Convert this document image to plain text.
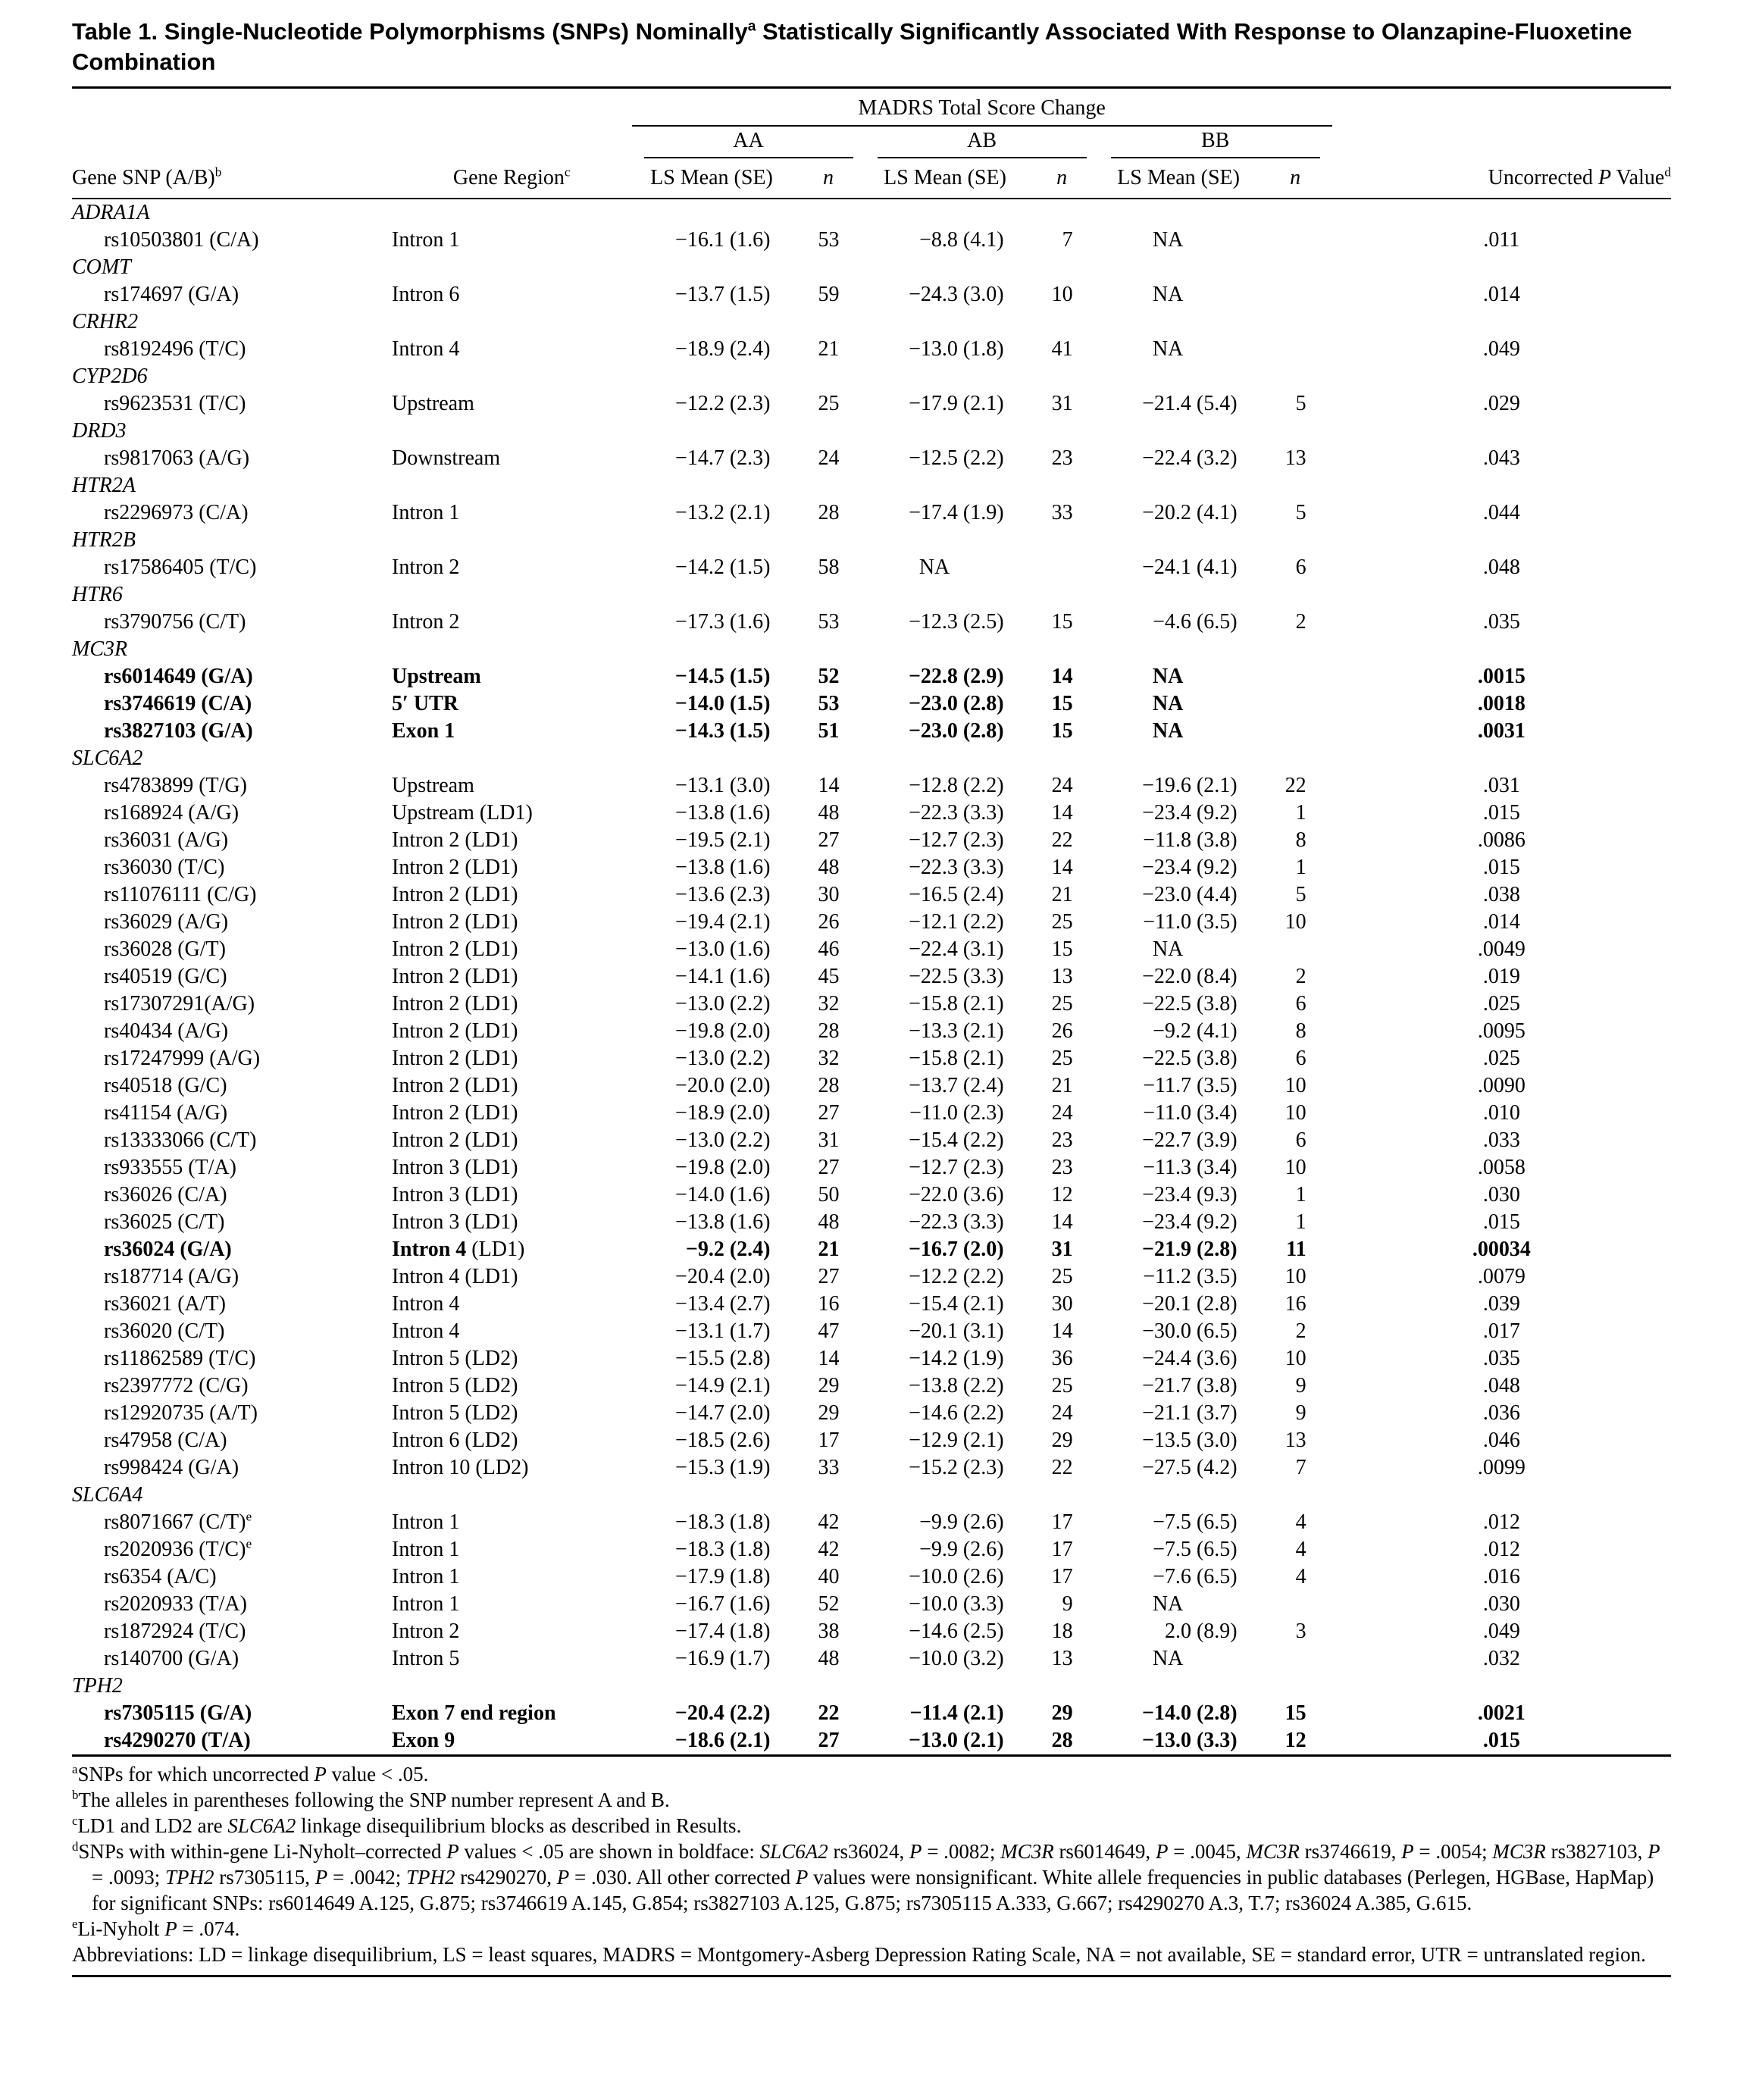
Table 1. Single-Nucleotide Polymorphisms (SNPs) Nominally$^a$ Statistically Significantly Associated With Response to Olanzapine-Fluoxetine Combination

		MADRS Total Score Change						

		AA		AB		BB		

Gene SNP $(A/B)^b$	Gene Region$^c$	LS Mean (SE)	n	LS Mean (SE)	n	LS Mean (SE)	n	Uncorrected P Value$^d$
ADRA1A								
rs10503801 (C/A)	Intron 1	−16.1 (1.6)	53	−8.8 (4.1)	7	NA		.011
COMT								
rs174697 (G/A)	Intron 6	−13.7 (1.5)	59	−24.3 (3.0)	10	NA		.014
CRHR2								
rs8192496 (T/C)	Intron 4	−18.9 (2.4)	21	−13.0 (1.8)	41	NA		.049
CYP2D6								
rs9623531 (T/C)	Upstream	−12.2 (2.3)	25	−17.9 (2.1)	31	−21.4 (5.4)	5	.029
DRD3								
rs9817063 (A/G)	Downstream	−14.7 (2.3)	24	−12.5 (2.2)	23	−22.4 (3.2)	13	.043
HTR2A								
rs2296973 (C/A)	Intron 1	−13.2 (2.1)	28	−17.4 (1.9)	33	−20.2 (4.1)	5	.044
HTR2B								
rs17586405 (T/C)	Intron 2	−14.2 (1.5)	58	NA		−24.1 (4.1)	6	.048
HTR6								
rs3790756 (C/T)	Intron 2	−17.3 (1.6)	53	−12.3 (2.5)	15	−4.6 (6.5)	2	.035
MC3R								
rs6014649 (G/A)	Upstream	−14.5 (1.5)	52	−22.8 (2.9)	14	NA		.0015
rs3746619 (C/A)	5′ UTR	−14.0 (1.5)	53	−23.0 (2.8)	15	NA		.0018
rs3827103 (G/A)	Exon 1	−14.3 (1.5)	51	−23.0 (2.8)	15	NA		.0031
SLC6A2								
rs4783899 (T/G)	Upstream	−13.1 (3.0)	14	−12.8 (2.2)	24	−19.6 (2.1)	22	.031
rs168924 (A/G)	Upstream (LD1)	−13.8 (1.6)	48	−22.3 (3.3)	14	−23.4 (9.2)	1	.015
rs36031 (A/G)	Intron 2 (LD1)	−19.5 (2.1)	27	−12.7 (2.3)	22	−11.8 (3.8)	8	.0086
rs36030 (T/C)	Intron 2 (LD1)	−13.8 (1.6)	48	−22.3 (3.3)	14	−23.4 (9.2)	1	.015
rs11076111 (C/G)	Intron 2 (LD1)	−13.6 (2.3)	30	−16.5 (2.4)	21	−23.0 (4.4)	5	.038
rs36029 (A/G)	Intron 2 (LD1)	−19.4 (2.1)	26	−12.1 (2.2)	25	−11.0 (3.5)	10	.014
rs36028 (G/T)	Intron 2 (LD1)	−13.0 (1.6)	46	−22.4 (3.1)	15	NA		.0049
rs40519 (G/C)	Intron 2 (LD1)	−14.1 (1.6)	45	−22.5 (3.3)	13	−22.0 (8.4)	2	.019
rs17307291(A/G)	Intron 2 (LD1)	−13.0 (2.2)	32	−15.8 (2.1)	25	−22.5 (3.8)	6	.025
rs40434 (A/G)	Intron 2 (LD1)	−19.8 (2.0)	28	−13.3 (2.1)	26	−9.2 (4.1)	8	.0095
rs17247999 (A/G)	Intron 2 (LD1)	−13.0 (2.2)	32	−15.8 (2.1)	25	−22.5 (3.8)	6	.025
rs40518 (G/C)	Intron 2 (LD1)	−20.0 (2.0)	28	−13.7 (2.4)	21	−11.7 (3.5)	10	.0090
rs41154 (A/G)	Intron 2 (LD1)	−18.9 (2.0)	27	−11.0 (2.3)	24	−11.0 (3.4)	10	.010
rs13333066 (C/T)	Intron 2 (LD1)	−13.0 (2.2)	31	−15.4 (2.2)	23	−22.7 (3.9)	6	.033
rs933555 (T/A)	Intron 3 (LD1)	−19.8 (2.0)	27	−12.7 (2.3)	23	−11.3 (3.4)	10	.0058
rs36026 (C/A)	Intron 3 (LD1)	−14.0 (1.6)	50	−22.0 (3.6)	12	−23.4 (9.3)	1	.030
rs36025 (C/T)	Intron 3 (LD1)	−13.8 (1.6)	48	−22.3 (3.3)	14	−23.4 (9.2)	1	.015
rs36024 (G/A)	Intron 4 (LD1)	−9.2 (2.4)	21	−16.7 (2.0)	31	−21.9 (2.8)	11	.00034
rs187714 (A/G)	Intron 4 (LD1)	−20.4 (2.0)	27	−12.2 (2.2)	25	−11.2 (3.5)	10	.0079
rs36021 (A/T)	Intron 4	−13.4 (2.7)	16	−15.4 (2.1)	30	−20.1 (2.8)	16	.039
rs36020 (C/T)	Intron 4	−13.1 (1.7)	47	−20.1 (3.1)	14	−30.0 (6.5)	2	.017
rs11862589 (T/C)	Intron 5 (LD2)	−15.5 (2.8)	14	−14.2 (1.9)	36	−24.4 (3.6)	10	.035
rs2397772 (C/G)	Intron 5 (LD2)	−14.9 (2.1)	29	−13.8 (2.2)	25	−21.7 (3.8)	9	.048
rs12920735 (A/T)	Intron 5 (LD2)	−14.7 (2.0)	29	−14.6 (2.2)	24	−21.1 (3.7)	9	.036
rs47958 (C/A)	Intron 6 (LD2)	−18.5 (2.6)	17	−12.9 (2.1)	29	−13.5 (3.0)	13	.046
rs998424 (G/A)	Intron 10 (LD2)	−15.3 (1.9)	33	−15.2 (2.3)	22	−27.5 (4.2)	7	.0099
SLC6A4								
rs8071667 $(C/T)^e$	Intron 1	−18.3 (1.8)	42	−9.9 (2.6)	17	−7.5 (6.5)	4	.012
rs2020936 $(T/C)^e$	Intron 1	−18.3 (1.8)	42	−9.9 (2.6)	17	−7.5 (6.5)	4	.012
rs6354 (A/C)	Intron 1	−17.9 (1.8)	40	−10.0 (2.6)	17	−7.6 (6.5)	4	.016
rs2020933 (T/A)	Intron 1	−16.7 (1.6)	52	−10.0 (3.3)	9	NA		.030
rs1872924 (T/C)	Intron 2	−17.4 (1.8)	38	−14.6 (2.5)	18	2.0 (8.9)	3	.049
rs140700 (G/A)	Intron 5	−16.9 (1.7)	48	−10.0 (3.2)	13	NA		.032
TPH2								
rs7305115 (G/A)	Exon 7 end region	−20.4 (2.2)	22	−11.4 (2.1)	29	−14.0 (2.8)	15	.0021
rs4290270 (T/A)	Exon 9	−18.6 (2.1)	27	−13.0 (2.1)	28	−13.0 (3.3)	12	.015

$^a$SNPs for which uncorrected P value < .05.

$^b$The alleles in parentheses following the SNP number represent A and B.

$^c$LD1 and LD2 are SLC6A2 linkage disequilibrium blocks as described in Results.

$^d$SNPs with within-gene Li-Nyholt–corrected P values < .05 are shown in boldface: SLC6A2 rs36024, P = .0082; MC3R rs6014649, P = .0045, MC3R rs3746619, P = .0054; MC3R rs3827103, P = .0093; TPH2 rs7305115, P = .0042; TPH2 rs4290270, P = .030. All other corrected P values were nonsignificant. White allele frequencies in public databases (Perlegen, HGBase, HapMap) for significant SNPs: rs6014649 A.125, G.875; rs3746619 A.145, G.854; rs3827103 A.125, G.875; rs7305115 A.333, G.667; rs4290270 A.3, T.7; rs36024 A.385, G.615.

$^e$Li-Nyholt P = .074.

Abbreviations: LD = linkage disequilibrium, LS = least squares, MADRS = Montgomery-Asberg Depression Rating Scale, NA = not available, SE = standard error, UTR = untranslated region.
